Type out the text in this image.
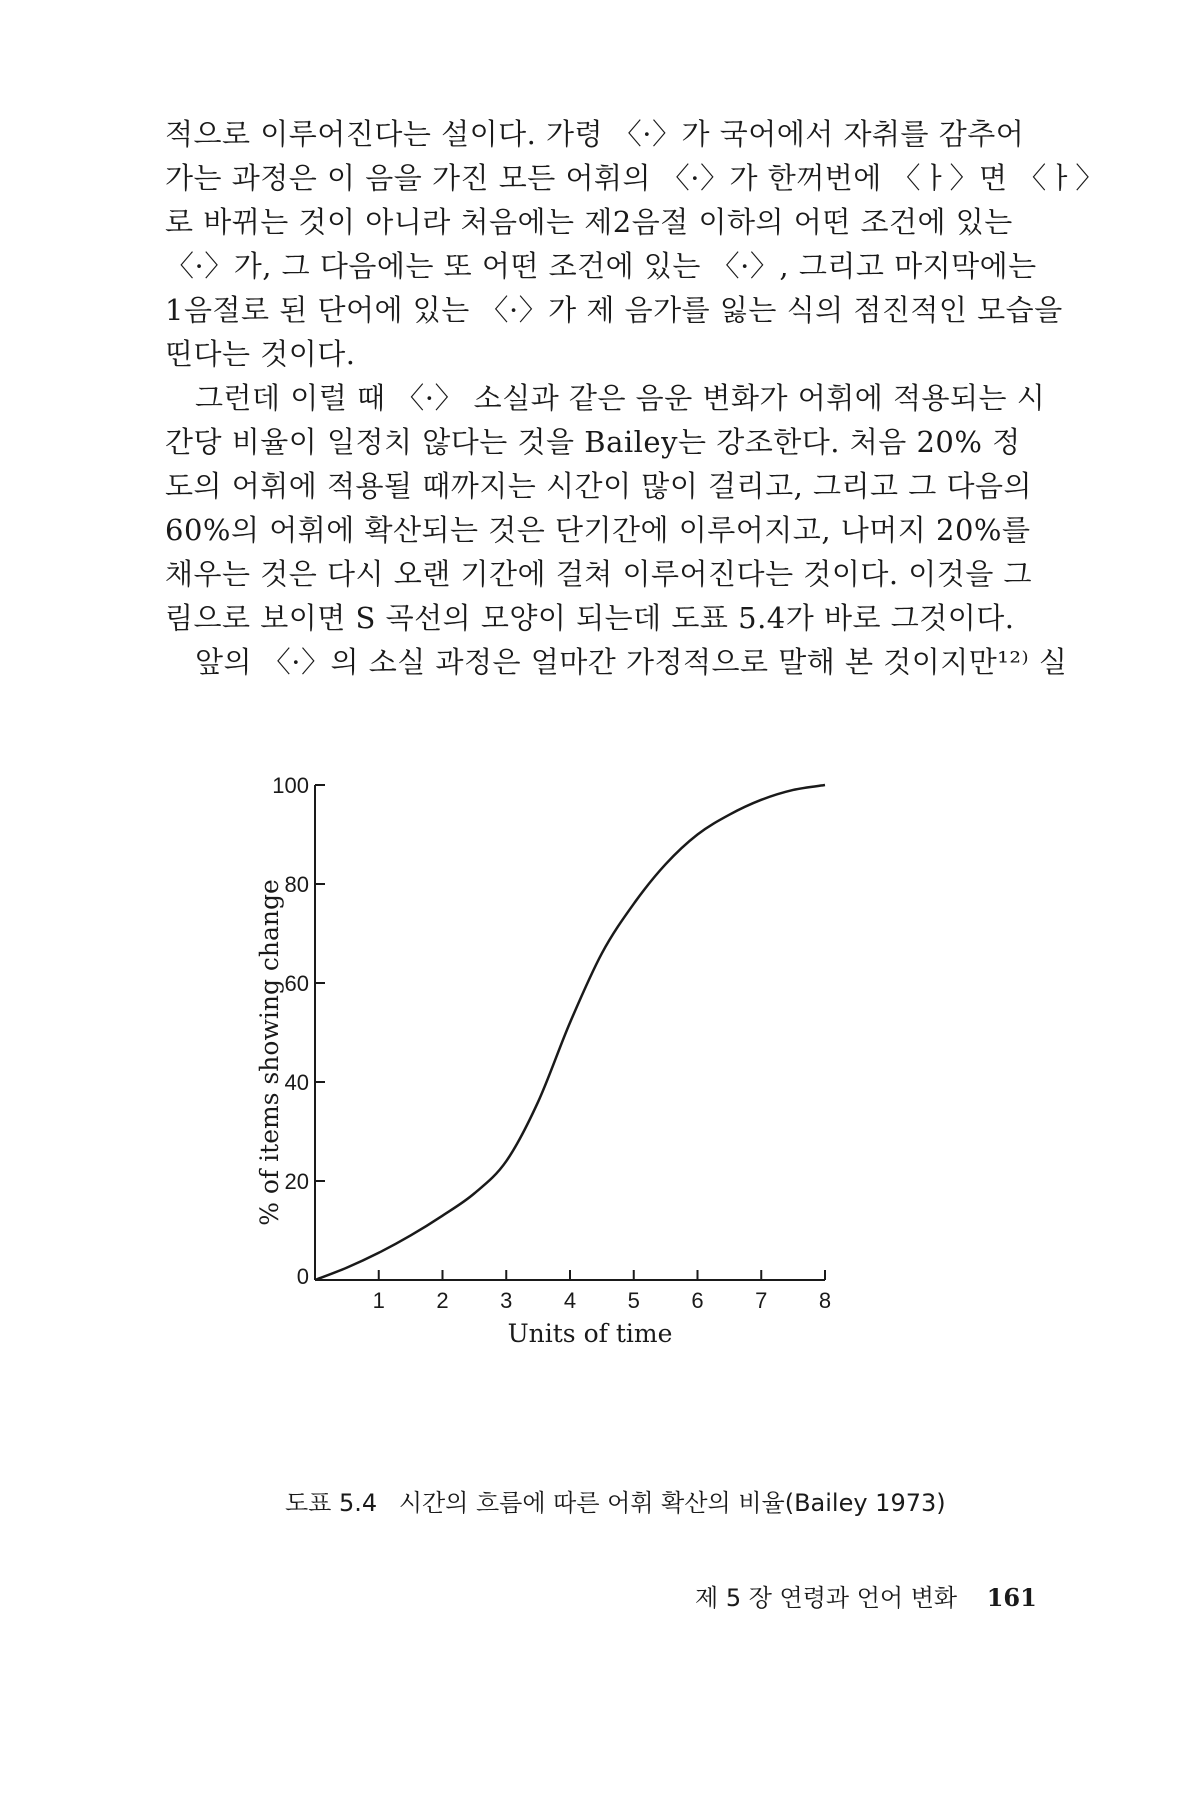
적으로 이루어진다는 설이다. 가령 〈·〉가 국어에서 자취를 감추어
가는 과정은 이 음을 가진 모든 어휘의 〈·〉가 한꺼번에 〈ㅏ〉면 〈ㅏ〉
로 바뀌는 것이 아니라 처음에는 제2음절 이하의 어떤 조건에 있는
〈·〉가, 그 다음에는 또 어떤 조건에 있는 〈·〉, 그리고 마지막에는
1음절로 된 단어에 있는 〈·〉가 제 음가를 잃는 식의 점진적인 모습을
띤다는 것이다.
그런데 이럴 때 〈·〉 소실과 같은 음운 변화가 어휘에 적용되는 시
간당 비율이 일정치 않다는 것을 Bailey는 강조한다. 처음 20% 정
도의 어휘에 적용될 때까지는 시간이 많이 걸리고, 그리고 그 다음의
60%의 어휘에 확산되는 것은 단기간에 이루어지고, 나머지 20%를
채우는 것은 다시 오랜 기간에 걸쳐 이루어진다는 것이다. 이것을 그
림으로 보이면 S 곡선의 모양이 되는데 도표 5.4가 바로 그것이다.
앞의 〈·〉의 소실 과정은 얼마간 가정적으로 말해 본 것이지만¹²⁾ 실
% of items showing change
0
20
40
60
80
100
1 2 3 4 5 6 7 8
Units of time
도표 5.4 시간의 흐름에 따른 어휘 확산의 비율(Bailey 1973)
제 5 장 연령과 언어 변화 161
